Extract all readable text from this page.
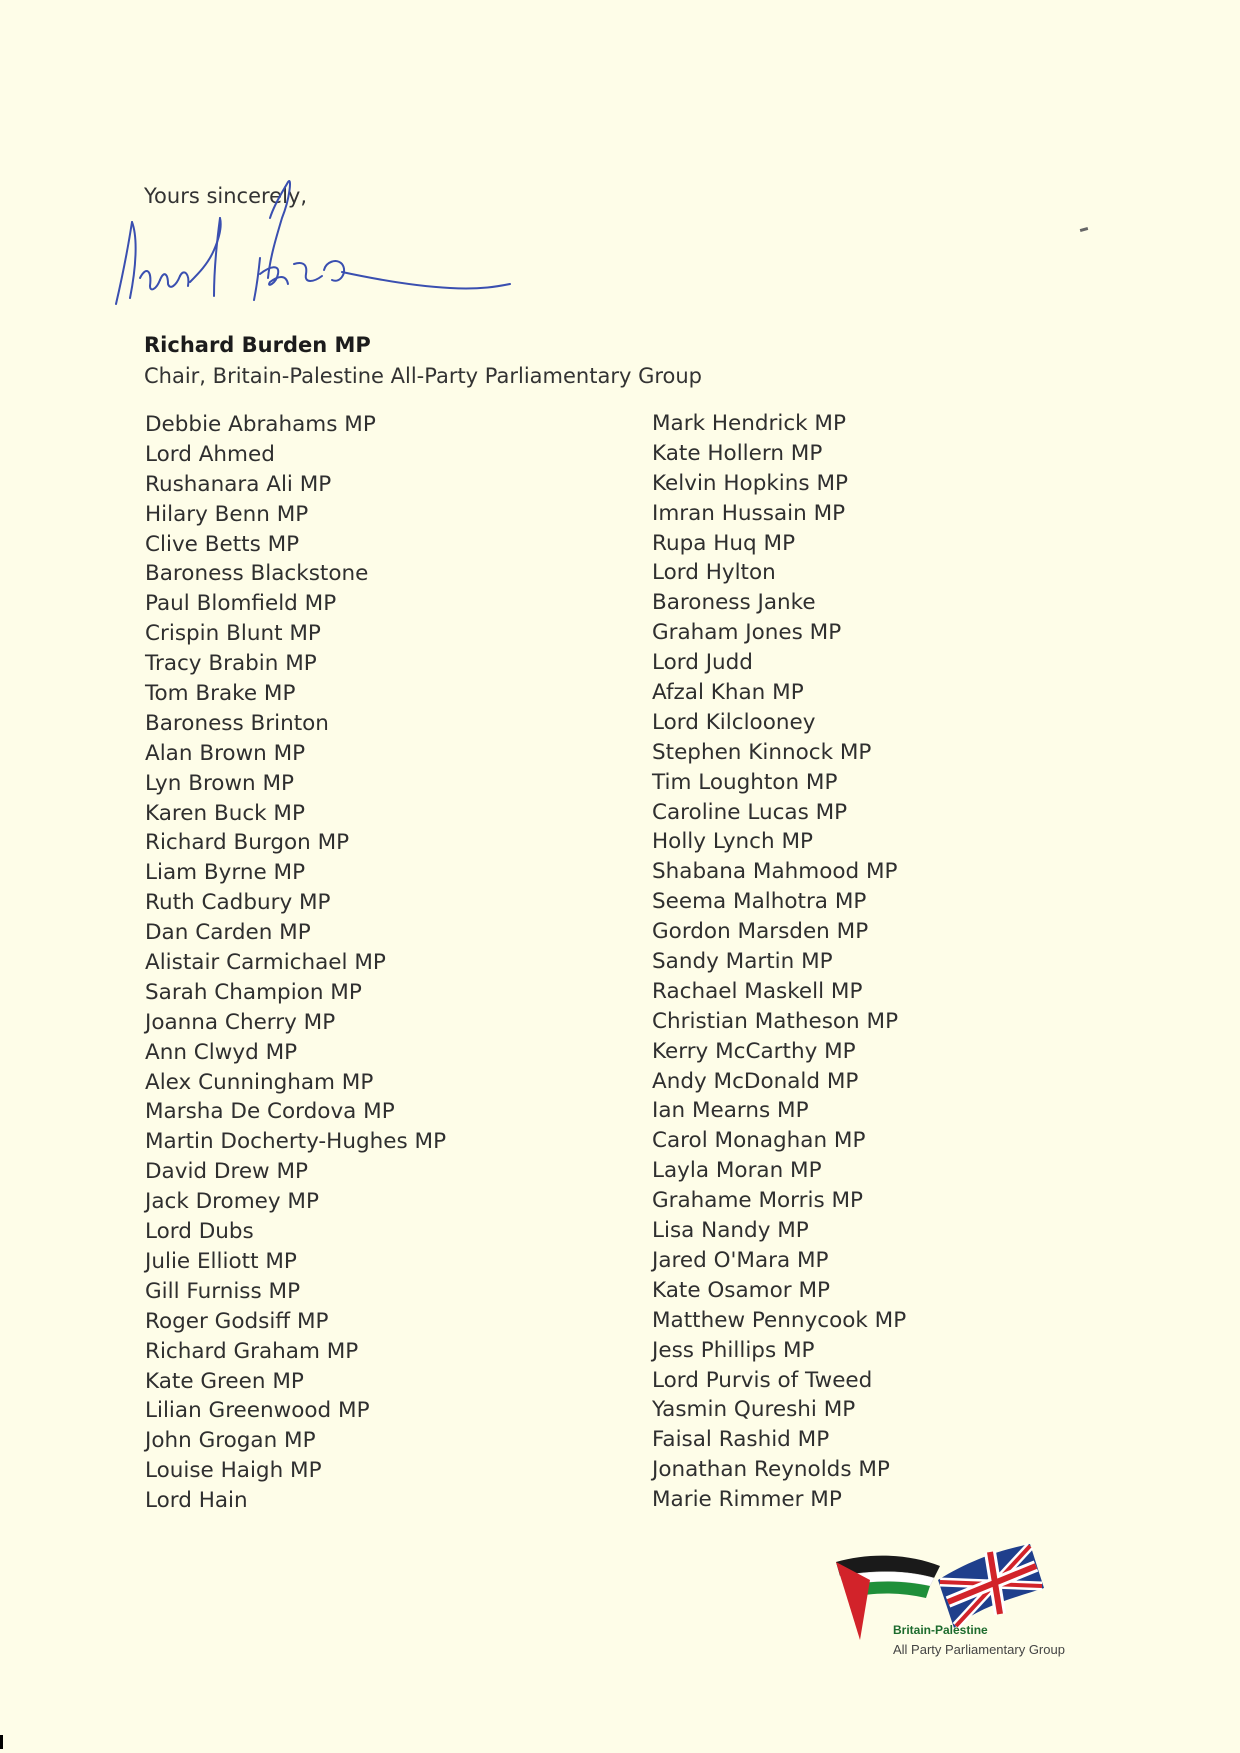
Yours sincerely,
Richard Burden MP
Chair, Britain-Palestine All-Party Parliamentary Group
Debbie Abrahams MP
Lord Ahmed
Rushanara Ali MP
Hilary Benn MP
Clive Betts MP
Baroness Blackstone
Paul Blomfield MP
Crispin Blunt MP
Tracy Brabin MP
Tom Brake MP
Baroness Brinton
Alan Brown MP
Lyn Brown MP
Karen Buck MP
Richard Burgon MP
Liam Byrne MP
Ruth Cadbury MP
Dan Carden MP
Alistair Carmichael MP
Sarah Champion MP
Joanna Cherry MP
Ann Clwyd MP
Alex Cunningham MP
Marsha De Cordova MP
Martin Docherty-Hughes MP
David Drew MP
Jack Dromey MP
Lord Dubs
Julie Elliott MP
Gill Furniss MP
Roger Godsiff MP
Richard Graham MP
Kate Green MP
Lilian Greenwood MP
John Grogan MP
Louise Haigh MP
Lord Hain
Mark Hendrick MP
Kate Hollern MP
Kelvin Hopkins MP
Imran Hussain MP
Rupa Huq MP
Lord Hylton
Baroness Janke
Graham Jones MP
Lord Judd
Afzal Khan MP
Lord Kilclooney
Stephen Kinnock MP
Tim Loughton MP
Caroline Lucas MP
Holly Lynch MP
Shabana Mahmood MP
Seema Malhotra MP
Gordon Marsden MP
Sandy Martin MP
Rachael Maskell MP
Christian Matheson MP
Kerry McCarthy MP
Andy McDonald MP
Ian Mearns MP
Carol Monaghan MP
Layla Moran MP
Grahame Morris MP
Lisa Nandy MP
Jared O'Mara MP
Kate Osamor MP
Matthew Pennycook MP
Jess Phillips MP
Lord Purvis of Tweed
Yasmin Qureshi MP
Faisal Rashid MP
Jonathan Reynolds MP
Marie Rimmer MP
Britain-Palestine
All Party Parliamentary Group
